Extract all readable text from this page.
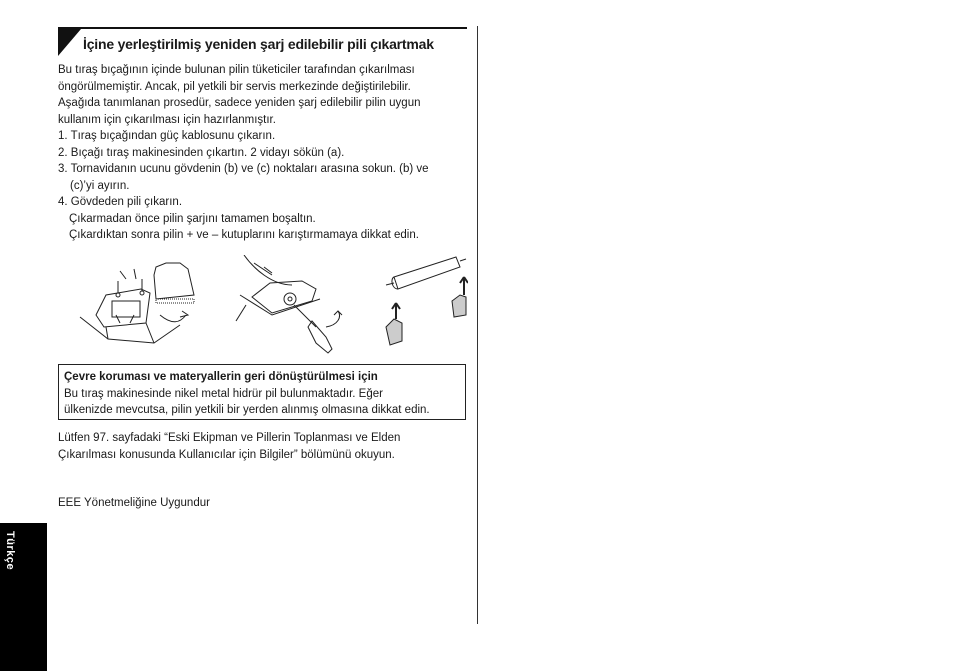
İçine yerleştirilmiş yeniden şarj edilebilir pili çıkartmak

Bu tıraş bıçağının içinde bulunan pilin tüketiciler tarafından çıkarılması

öngörülmemiştir. Ancak, pil yetkili bir servis merkezinde değiştirilebilir.

Aşağıda tanımlanan prosedür, sadece yeniden şarj edilebilir pilin uygun

kullanım için çıkarılması için hazırlanmıştır.

1. Tıraş bıçağından güç kablosunu çıkarın.

2. Bıçağı tıraş makinesinden çıkartın. 2 vidayı sökün (a).

3. Tornavidanın ucunu gövdenin (b) ve (c) noktaları arasına sokun. (b) ve

(c)’yi ayırın.

4. Gövdeden pili çıkarın.

Çıkarmadan önce pilin şarjını tamamen boşaltın.

Çıkardıktan sonra pilin + ve – kutuplarını karıştırmamaya dikkat edin.

Çevre koruması ve materyallerin geri dönüştürülmesi için
Bu tıraş makinesinde nikel metal hidrür pil bulunmaktadır. Eğer
ülkenizde mevcutsa, pilin yetkili bir yerden alınmış olmasına dikkat edin.
Lütfen 97. sayfadaki “Eski Ekipman ve Pillerin Toplanması ve Elden
Çıkarılması konusunda Kullanıcılar için Bilgiler” bölümünü okuyun.
EEE Yönetmeliğine Uygundur
Türkçe
